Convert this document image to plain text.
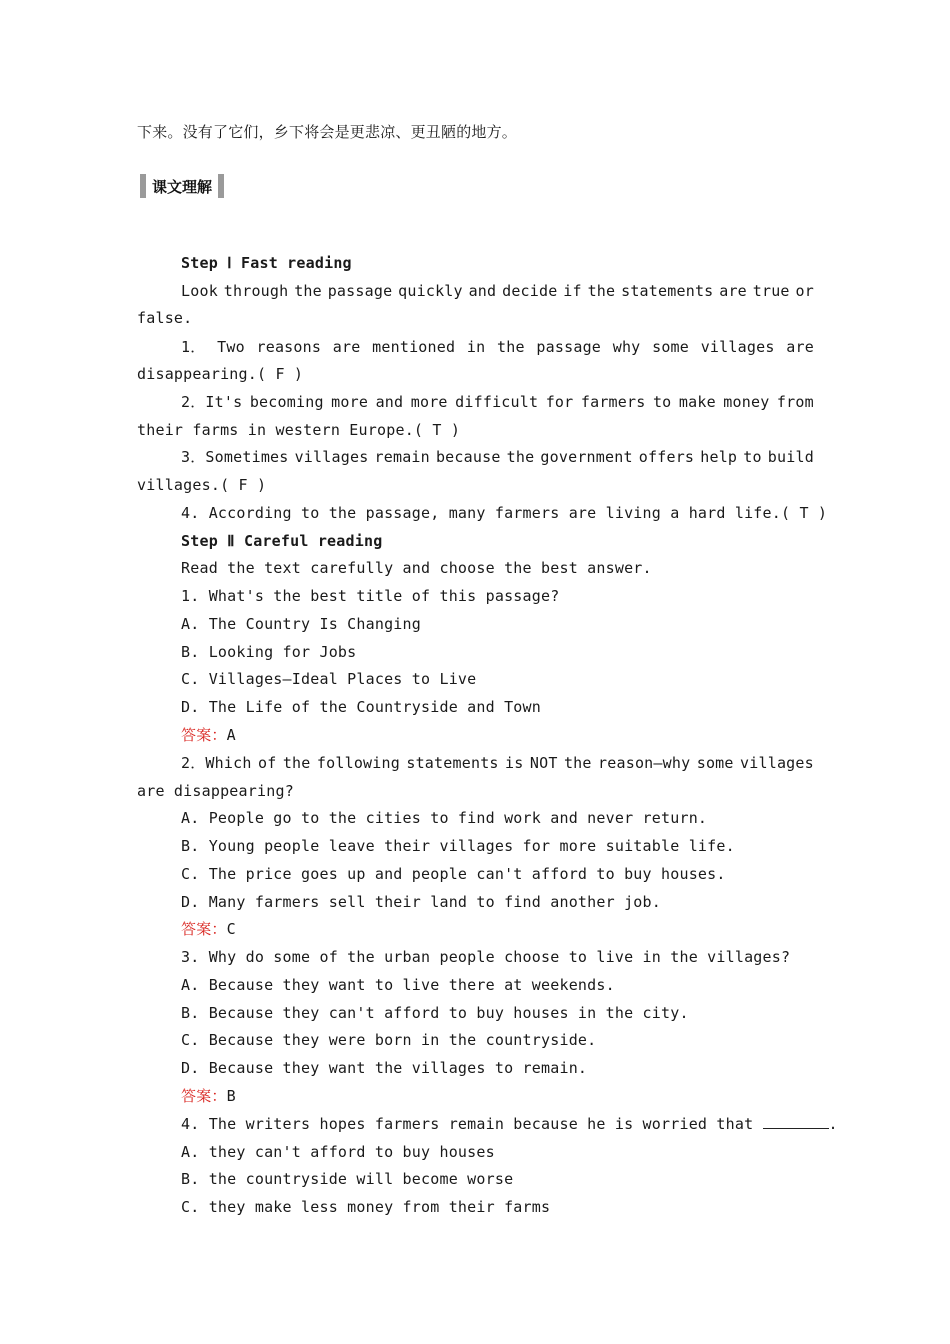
下来。没有了它们，乡下将会是更悲凉、更丑陋的地方。
课文理解
Step Ⅰ Fast reading
Look through the passage quickly and decide if the statements are true or
false.
1． Two reasons are mentioned in the passage why some villages are
disappearing.( F )
2．It's becoming more and more difficult for farmers to make money from
their farms in western Europe.( T )
3．Sometimes villages remain because the government offers help to build
villages.( F )
4. According to the passage, many farmers are living a hard life.( T )
Step Ⅱ Careful reading
Read the text carefully and choose the best answer.
1. What's the best title of this passage?
A. The Country Is Changing
B. Looking for Jobs
C. Villages—Ideal Places to Live
D. The Life of the Countryside and Town
答案：A
2．Which of the following statements is NOT the reason—why some villages
are disappearing?
A. People go to the cities to find work and never return.
B. Young people leave their villages for more suitable life.
C. The price goes up and people can't afford to buy houses.
D. Many farmers sell their land to find another job.
答案：C
3. Why do some of the urban people choose to live in the villages?
A. Because they want to live there at weekends.
B. Because they can't afford to buy houses in the city.
C. Because they were born in the countryside.
D. Because they want the villages to remain.
答案：B
4. The writers hopes farmers remain because he is worried that	.
A. they can't afford to buy houses
B. the countryside will become worse
C. they make less money from their farms
